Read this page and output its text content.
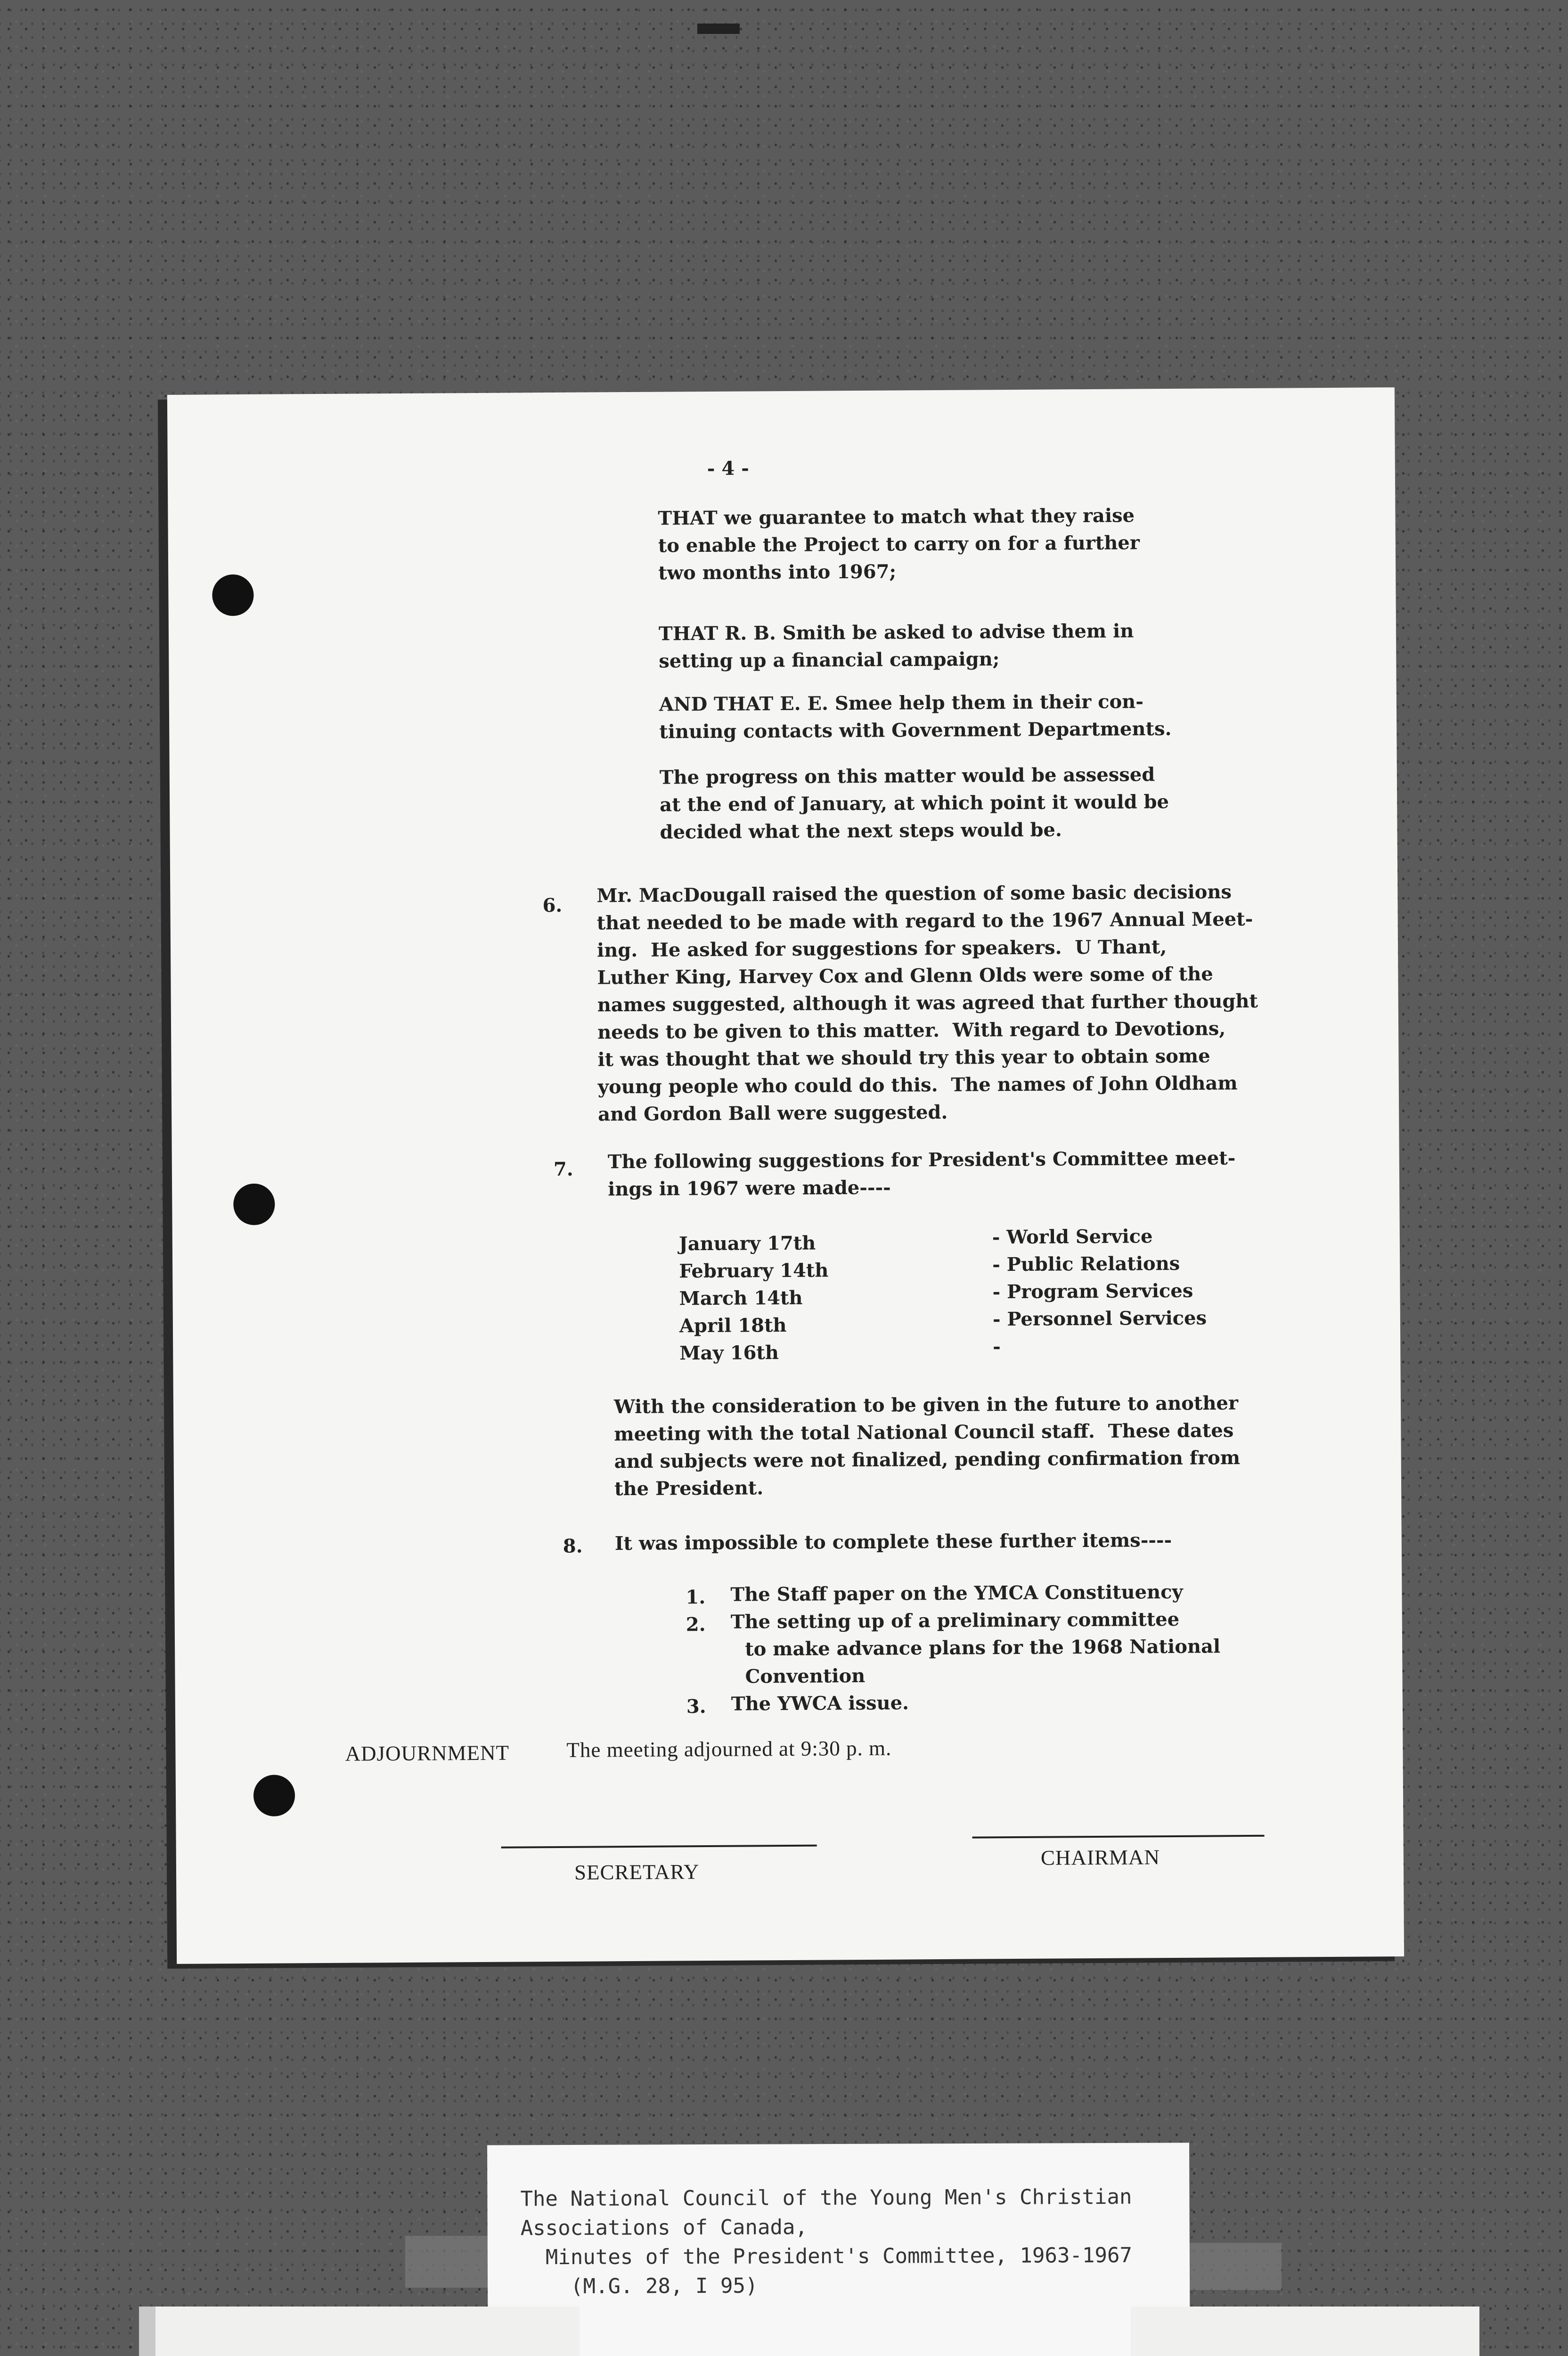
- 4 -
THAT we guarantee to match what they raise
to enable the Project to carry on for a further
two months into 1967;
THAT R. B. Smith be asked to advise them in
setting up a financial campaign;
AND THAT E. E. Smee help them in their con-
tinuing contacts with Government Departments.
The progress on this matter would be assessed
at the end of January, at which point it would be
decided what the next steps would be.
6. Mr. MacDougall raised the question of some basic decisions
that needed to be made with regard to the 1967 Annual Meet-
ing.  He asked for suggestions for speakers.  U Thant,
Luther King, Harvey Cox and Glenn Olds were some of the
names suggested, although it was agreed that further thought
needs to be given to this matter.  With regard to Devotions,
it was thought that we should try this year to obtain some
young people who could do this.  The names of John Oldham
and Gordon Ball were suggested.
7. The following suggestions for President's Committee meet-
ings in 1967 were made----
January 17th	- World Service
February 14th	- Public Relations
March 14th	- Program Services
April 18th	- Personnel Services
May 16th	-
With the consideration to be given in the future to another
meeting with the total National Council staff.  These dates
and subjects were not finalized, pending confirmation from
the President.
8. It was impossible to complete these further items----
1. The Staff paper on the YMCA Constituency
2. The setting up of a preliminary committee
to make advance plans for the 1968 National
Convention
3. The YWCA issue.
ADJOURNMENT	The meeting adjourned at 9:30 p. m.
SECRETARY
CHAIRMAN
The National Council of the Young Men's Christian
Associations of Canada,
Minutes of the President's Committee, 1963-1967
(M.G. 28, I 95)
